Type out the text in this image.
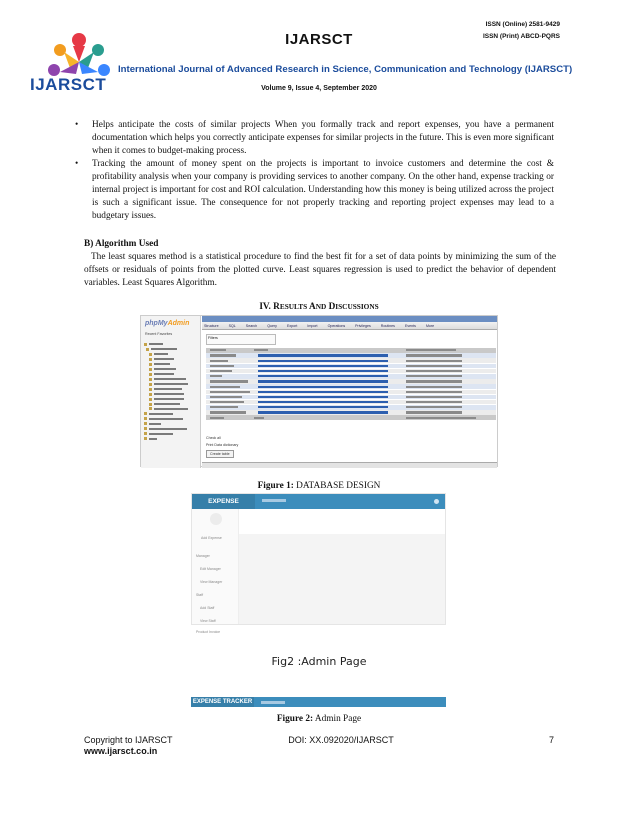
IJARSCT
IJARSCT
ISSN (Online) 2581-9429
ISSN (Print) ABCD-PQRS
International Journal of Advanced Research in Science, Communication and Technology (IJARSCT)
Volume 9, Issue 4, September 2020
• Helps anticipate the costs of similar projects When you formally track and report expenses, you have a permanent documentation which helps you correctly anticipate expenses for similar projects in the future. This is even more significant when it comes to budget-making process.
• Tracking the amount of money spent on the projects is important to invoice customers and determine the cost & profitability analysis when your company is providing services to another company. On the other hand, expense tracking or internal project is important for cost and ROI calculation. Understanding how this money is being utilized across the project is such a significant issue. The consequence for not properly tracking and reporting project expenses may lead to a budgetary issues.
B) Algorithm Used
The least squares method is a statistical procedure to find the best fit for a set of data points by minimizing the sum of the offsets or residuals of points from the plotted curve. Least squares regression is used to predict the behavior of dependent variables. Least Squares Algorithm.
IV. RESULTS AND DISCUSSIONS
phpMyAdmin
Recent Favorites
Structure	SQL	Search	Query	Export	Import	Operations	Privileges	Routines	Events	More
Filters
Check all
Print Data dictionary
Create table
Figure 1: DATABASE DESIGN
EXPENSE
Add Expense
Manager
Edit Manager
View Manager
Staff
Add Staff
View Staff
Product Invoice
Fig2 :Admin Page
EXPENSE TRACKER
Figure 2: Admin Page
Copyright to IJARSCT
www.ijarsct.co.in
DOI: XX.092020/IJARSCT	7
